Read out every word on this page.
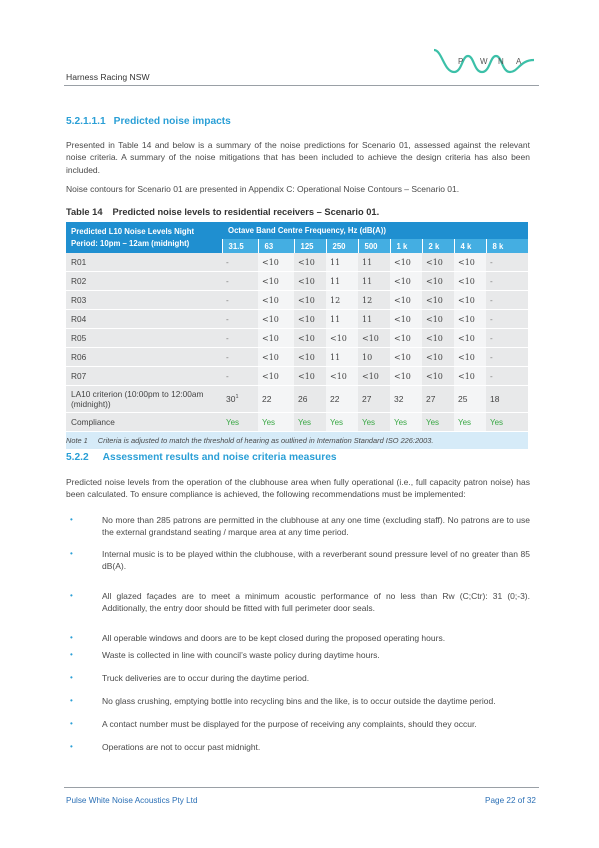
Harness Racing NSW
P W N A
5.2.1.1.1 Predicted noise impacts

Presented in Table 14 and below is a summary of the noise predictions for Scenario 01, assessed against the relevant noise criteria. A summary of the noise mitigations that has been included to achieve the design criteria has also been included.

Noise contours for Scenario 01 are presented in Appendix C: Operational Noise Contours – Scenario 01.

Table 14 Predicted noise levels to residential receivers – Scenario 01.
Predicted L10 Noise Levels Night Period: 10pm – 12am (midnight)	Octave Band Centre Frequency, Hz (dB(A))								
	31.5	63	125	250	500	1 k	2 k	4 k	8 k
R01	-	<10	<10	11	11	<10	<10	<10	-
R02	-	<10	<10	11	11	<10	<10	<10	-
R03	-	<10	<10	12	12	<10	<10	<10	-
R04	-	<10	<10	11	11	<10	<10	<10	-
R05	-	<10	<10	<10	<10	<10	<10	<10	-
R06	-	<10	<10	11	10	<10	<10	<10	-
R07	-	<10	<10	<10	<10	<10	<10	<10	-
LA10 criterion (10:00pm to 12:00am (midnight))	$30^1$	22	26	22	27	32	27	25	18
Compliance	Yes	Yes	Yes	Yes	Yes	Yes	Yes	Yes	Yes
Note 1 Criteria is adjusted to match the threshold of hearing as outlined in Internation Standard ISO 226:2003.									
5.2.2 Assessment results and noise criteria measures

Predicted noise levels from the operation of the clubhouse area when fully operational (i.e., full capacity patron noise) has been calculated. To ensure compliance is achieved, the following recommendations must be implemented:

•	No more than 285 patrons are permitted in the clubhouse at any one time (excluding staff). No patrons are to use the external grandstand seating / marque area at any time period.
•	Internal music is to be played within the clubhouse, with a reverberant sound pressure level of no greater than 85 dB(A).
•	All glazed façades are to meet a minimum acoustic performance of no less than Rw (C;Ctr): 31 (0;-3). Additionally, the entry door should be fitted with full perimeter door seals.
•	All operable windows and doors are to be kept closed during the proposed operating hours.
•	Waste is collected in line with council’s waste policy during daytime hours.
•	Truck deliveries are to occur during the daytime period.
•	No glass crushing, emptying bottle into recycling bins and the like, is to occur outside the daytime period.
•	A contact number must be displayed for the purpose of receiving any complaints, should they occur.
•	Operations are not to occur past midnight.
Pulse White Noise Acoustics Pty Ltd	Page 22 of 32
